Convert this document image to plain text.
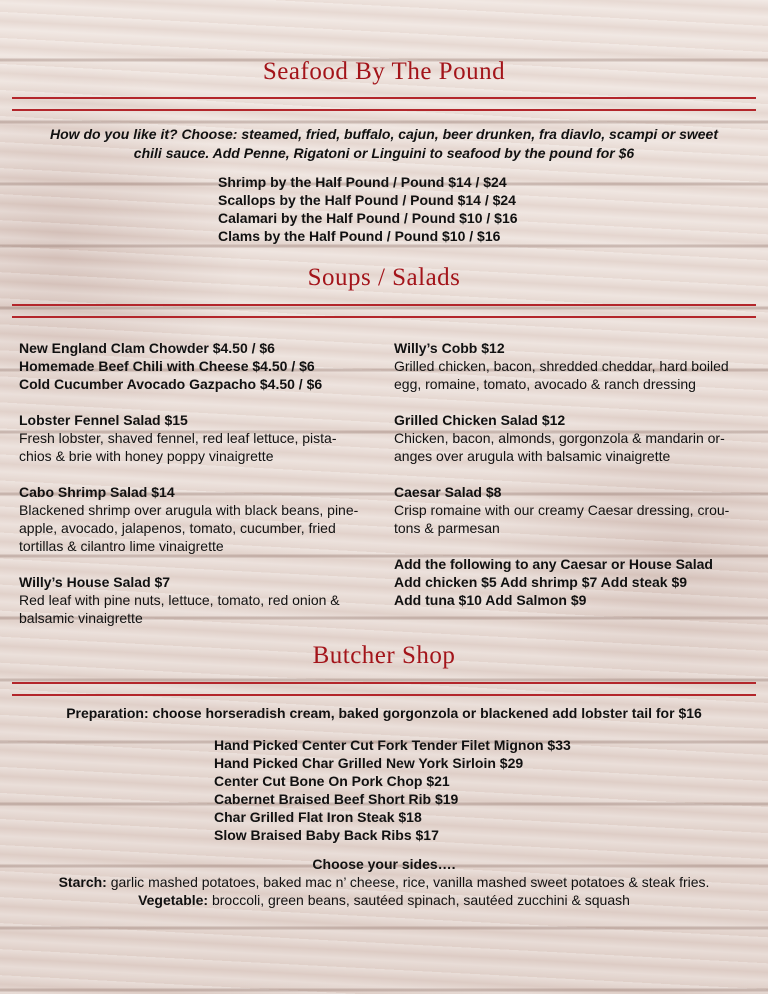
Seafood By The Pound
How do you like it? Choose: steamed, fried, buffalo, cajun, beer drunken, fra diavlo, scampi or sweet
chili sauce. Add Penne, Rigatoni or Linguini to seafood by the pound for $6
Shrimp by the Half Pound / Pound $14 / $24
Scallops by the Half Pound / Pound $14 / $24
Calamari by the Half Pound / Pound $10 / $16
Clams by the Half Pound / Pound $10 / $16
Soups / Salads

New England Clam Chowder $4.50 / $6

Homemade Beef Chili with Cheese $4.50 / $6

Cold Cucumber Avocado Gazpacho $4.50 / $6

Lobster Fennel Salad $15

Fresh lobster, shaved fennel, red leaf lettuce, pista-

chios & brie with honey poppy vinaigrette

Cabo Shrimp Salad $14

Blackened shrimp over arugula with black beans, pine-

apple, avocado, jalapenos, tomato, cucumber, fried

tortillas & cilantro lime vinaigrette

Willy’s House Salad $7

Red leaf with pine nuts, lettuce, tomato, red onion &

balsamic vinaigrette

Willy’s Cobb $12

Grilled chicken, bacon, shredded cheddar, hard boiled

egg, romaine, tomato, avocado & ranch dressing

Grilled Chicken Salad $12

Chicken, bacon, almonds, gorgonzola & mandarin or-

anges over arugula with balsamic vinaigrette

Caesar Salad $8

Crisp romaine with our creamy Caesar dressing, crou-

tons & parmesan

Add the following to any Caesar or House Salad

Add chicken $5 Add shrimp $7 Add steak $9

Add tuna $10 Add Salmon $9

Butcher Shop
Preparation: choose horseradish cream, baked gorgonzola or blackened add lobster tail for $16
Hand Picked Center Cut Fork Tender Filet Mignon $33
Hand Picked Char Grilled New York Sirloin $29
Center Cut Bone On Pork Chop $21
Cabernet Braised Beef Short Rib $19
Char Grilled Flat Iron Steak $18
Slow Braised Baby Back Ribs $17
Choose your sides….
Starch: garlic mashed potatoes, baked mac n’ cheese, rice, vanilla mashed sweet potatoes & steak fries.
Vegetable: broccoli, green beans, sautéed spinach, sautéed zucchini & squash
